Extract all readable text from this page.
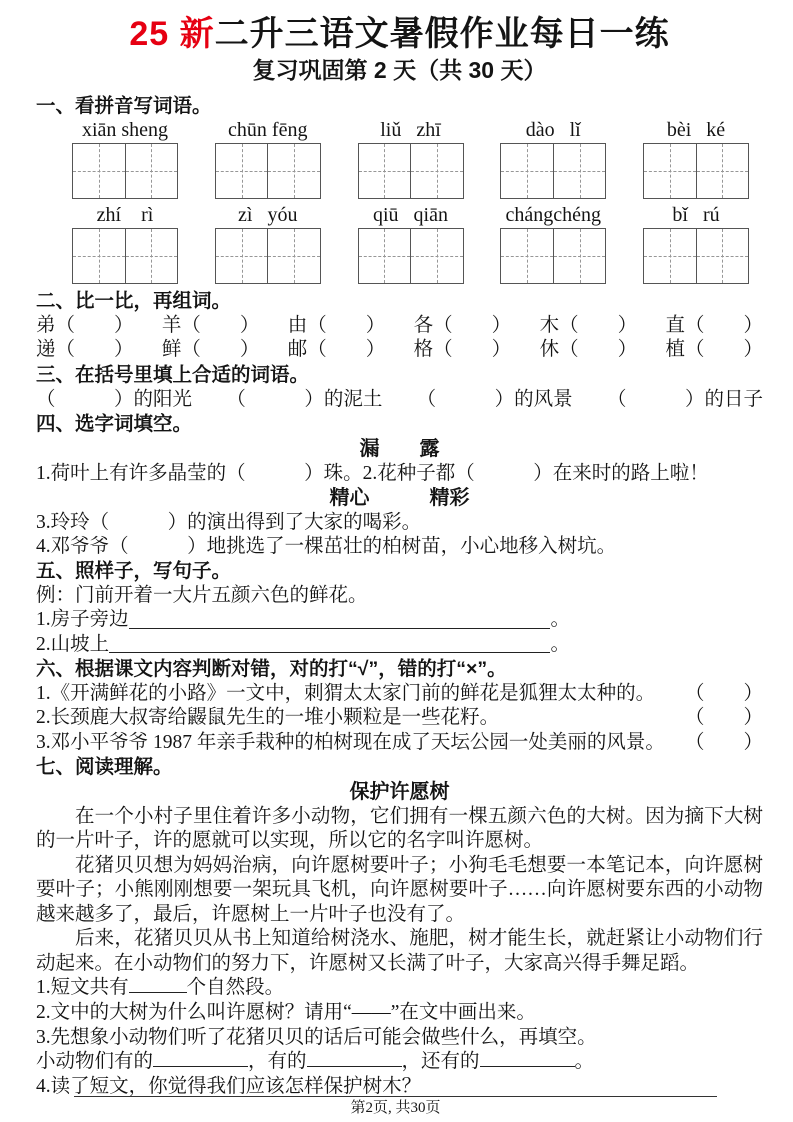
25 新二升三语文暑假作业每日一练
复习巩固第 2 天（共 30 天）
一、看拼音写词语。
xiān sheng	chūn fēng	liǔ   zhī	dào   lǐ	bèi   ké
zhí    rì	zì   yóu	qiū   qiān	chángchéng	bǐ   rú
二、比一比，再组词。
弟（　　） 羊（　　） 由（　　） 各（　　） 木（　　） 直（　　）
递（　　） 鲜（　　） 邮（　　） 格（　　） 休（　　） 植（　　）
三、在括号里填上合适的词语。
（　　　）的阳光 （　　　）的泥土 （　　　）的风景 （　　　）的日子
四、选字词填空。
漏　　露
1.荷叶上有许多晶莹的（　　　）珠。2.花种子都（　　　）在来时的路上啦！
精心　　　精彩
3.玲玲（　　　）的演出得到了大家的喝彩。
4.邓爷爷（　　　）地挑选了一棵茁壮的柏树苗，小心地移入树坑。
五、照样子，写句子。
例：门前开着一大片五颜六色的鲜花。
1.房子旁边	。
2.山坡上	。
六、根据课文内容判断对错，对的打“√”，错的打“×”。
1.《开满鲜花的小路》一文中，刺猬太太家门前的鲜花是狐狸太太种的。 （　　）
2.长颈鹿大叔寄给鼹鼠先生的一堆小颗粒是一些花籽。	（　　）
3.邓小平爷爷 1987 年亲手栽种的柏树现在成了天坛公园一处美丽的风景。 （　　）
七、阅读理解。
保护许愿树

在一个小村子里住着许多小动物，它们拥有一棵五颜六色的大树。因为摘下大树的一片叶子，许的愿就可以实现，所以它的名字叫许愿树。

花猪贝贝想为妈妈治病，向许愿树要叶子；小狗毛毛想要一本笔记本，向许愿树要叶子；小熊刚刚想要一架玩具飞机，向许愿树要叶子……向许愿树要东西的小动物越来越多了，最后，许愿树上一片叶子也没有了。

后来，花猪贝贝从书上知道给树浇水、施肥，树才能生长，就赶紧让小动物们行动起来。在小动物们的努力下，许愿树又长满了叶子，大家高兴得手舞足蹈。

1.短文共有	个自然段。
2.文中的大树为什么叫许愿树？请用“——”在文中画出来。
3.先想象小动物们听了花猪贝贝的话后可能会做些什么，再填空。
小动物们有的	，有的	，还有的	。
4.读了短文，你觉得我们应该怎样保护树木？
第2页, 共30页
